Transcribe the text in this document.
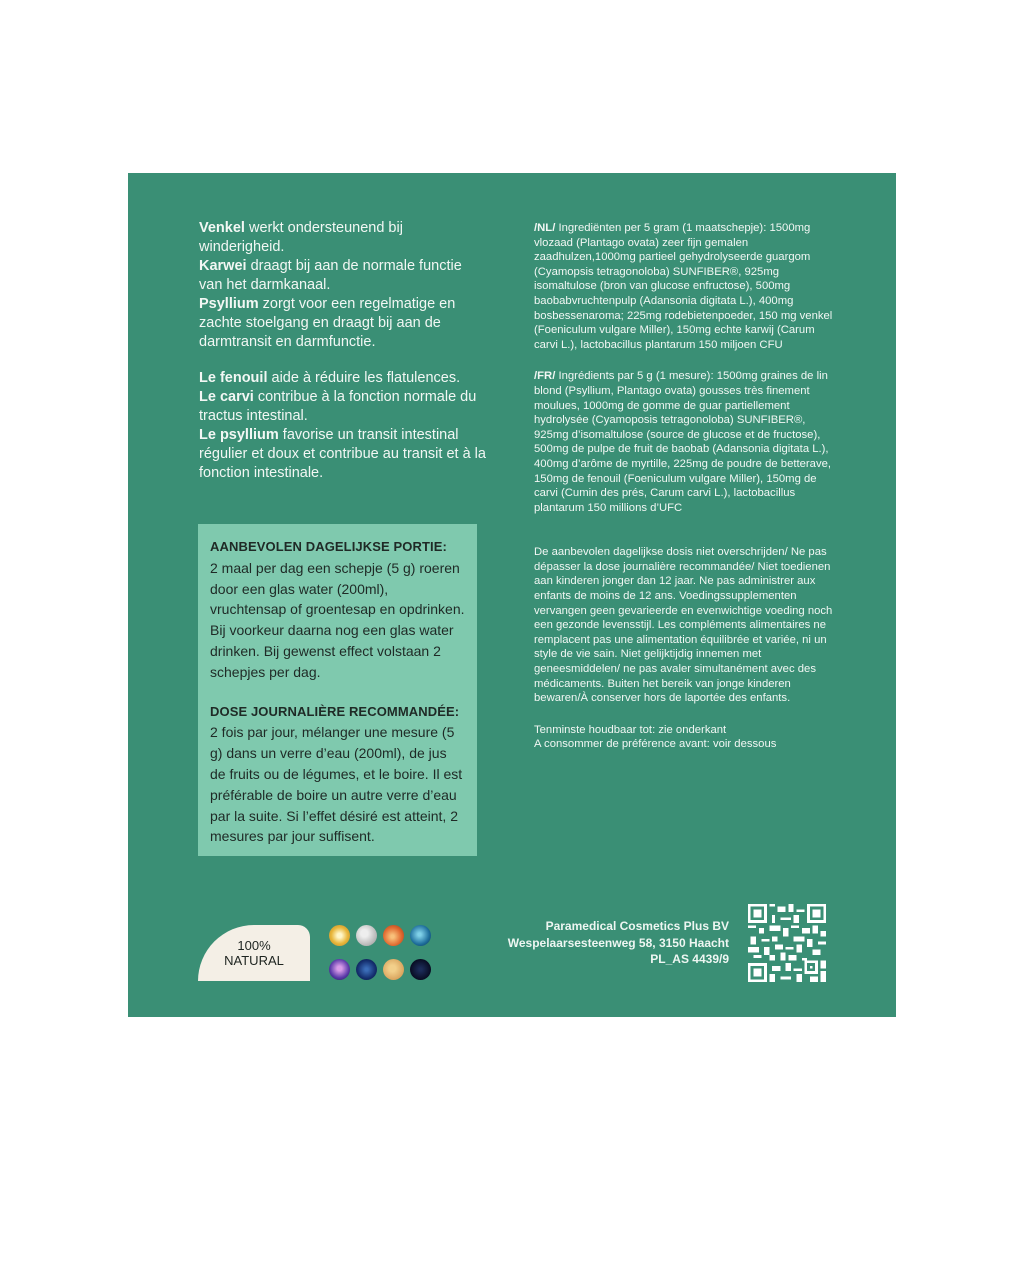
Venkel werkt ondersteunend bij winderigheid.
Karwei draagt bij aan de normale functie van het darmkanaal.
Psyllium zorgt voor een regelmatige en zachte stoelgang en draagt bij aan de darmtransit en darmfunctie.

Le fenouil aide à réduire les flatulences.
Le carvi contribue à la fonction normale du tractus intestinal.
Le psyllium favorise un transit intestinal régulier et doux et contribue au transit et à la fonction intestinale.

AANBEVOLEN DAGELIJKSE PORTIE:

2 maal per dag een schepje (5 g) roeren door een glas water (200ml), vruchtensap of groentesap en opdrinken. Bij voorkeur daarna nog een glas water drinken. Bij gewenst effect volstaan 2 schepjes per dag.

DOSE JOURNALIÈRE RECOMMANDÉE:

2 fois par jour, mélanger une mesure (5 g) dans un verre d’eau (200ml), de jus de fruits ou de légumes, et le boire. Il est préférable de boire un autre verre d’eau par la suite. Si l’effet désiré est atteint, 2 mesures par jour suffisent.

/NL/ Ingrediënten per 5 gram (1 maatschepje): 1500mg vlozaad (Plantago ovata) zeer fijn gemalen zaadhulzen,1000mg partieel gehydrolyseerde guargom (Cyamopsis tetragonoloba) SUNFIBER®, 925mg isomaltulose (bron van glucose enfructose), 500mg baobabvruchtenpulp (Adansonia digitata L.), 400mg bosbessenaroma; 225mg rodebietenpoeder, 150 mg venkel (Foeniculum vulgare Miller), 150mg echte karwij (Carum carvi L.), lactobacillus plantarum 150 miljoen CFU

/FR/ Ingrédients par 5 g (1 mesure): 1500mg graines de lin blond (Psyllium, Plantago ovata) gousses très finement moulues, 1000mg de gomme de guar partiellement hydrolysée (Cyamoposis tetragonoloba) SUNFIBER®, 925mg d’isomaltulose (source de glucose et de fructose), 500mg de pulpe de fruit de baobab (Adansonia digitata L.), 400mg d’arôme de myrtille, 225mg de poudre de betterave, 150mg de fenouil (Foeniculum vulgare Miller), 150mg de carvi (Cumin des prés, Carum carvi L.), lactobacillus plantarum 150 millions d’UFC

De aanbevolen dagelijkse dosis niet overschrijden/ Ne pas dépasser la dose journalière recommandée/ Niet toedienen aan kinderen jonger dan 12 jaar. Ne pas administrer aux enfants de moins de 12 ans. Voedingssupplementen vervangen geen gevarieerde en evenwichtige voeding noch een gezonde levensstijl. Les compléments alimentaires ne remplacent pas une alimentation équilibrée et variée, ni un style de vie sain. Niet gelijktijdig innemen met geneesmiddelen/ ne pas avaler simultanément avec des médicaments. Buiten het bereik van jonge kinderen bewaren/À conserver hors de laportée des enfants.

Tenminste houdbaar tot: zie onderkant
A consommer de préférence avant: voir dessous

100%
NATURAL
Paramedical Cosmetics Plus BV
Wespelaarsesteenweg 58, 3150 Haacht
PL_AS 4439/9
